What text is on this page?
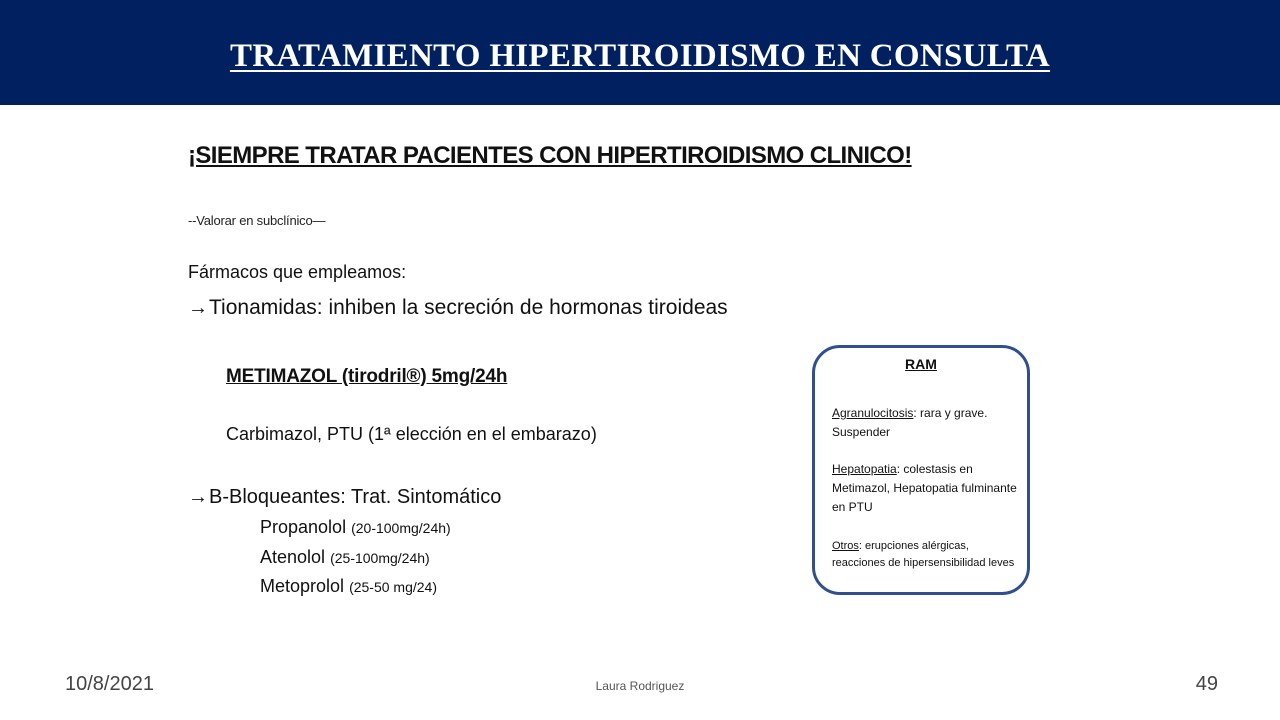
TRATAMIENTO HIPERTIROIDISMO EN CONSULTA
¡SIEMPRE TRATAR PACIENTES CON HIPERTIROIDISMO CLINICO!
--Valorar en subclínico—
Fármacos que empleamos:
→Tionamidas: inhiben la secreción de hormonas tiroideas
METIMAZOL (tirodril®) 5mg/24h
Carbimazol, PTU (1ª elección en el embarazo)
→B-Bloqueantes: Trat. Sintomático
Propanolol (20-100mg/24h)
Atenolol (25-100mg/24h)
Metoprolol (25-50 mg/24)
RAM
Agranulocitosis: rara y grave. Suspender
Hepatopatia: colestasis en Metimazol, Hepatopatia fulminante en PTU
Otros: erupciones alérgicas, reacciones de hipersensibilidad leves
10/8/2021	Laura Rodriguez	49
